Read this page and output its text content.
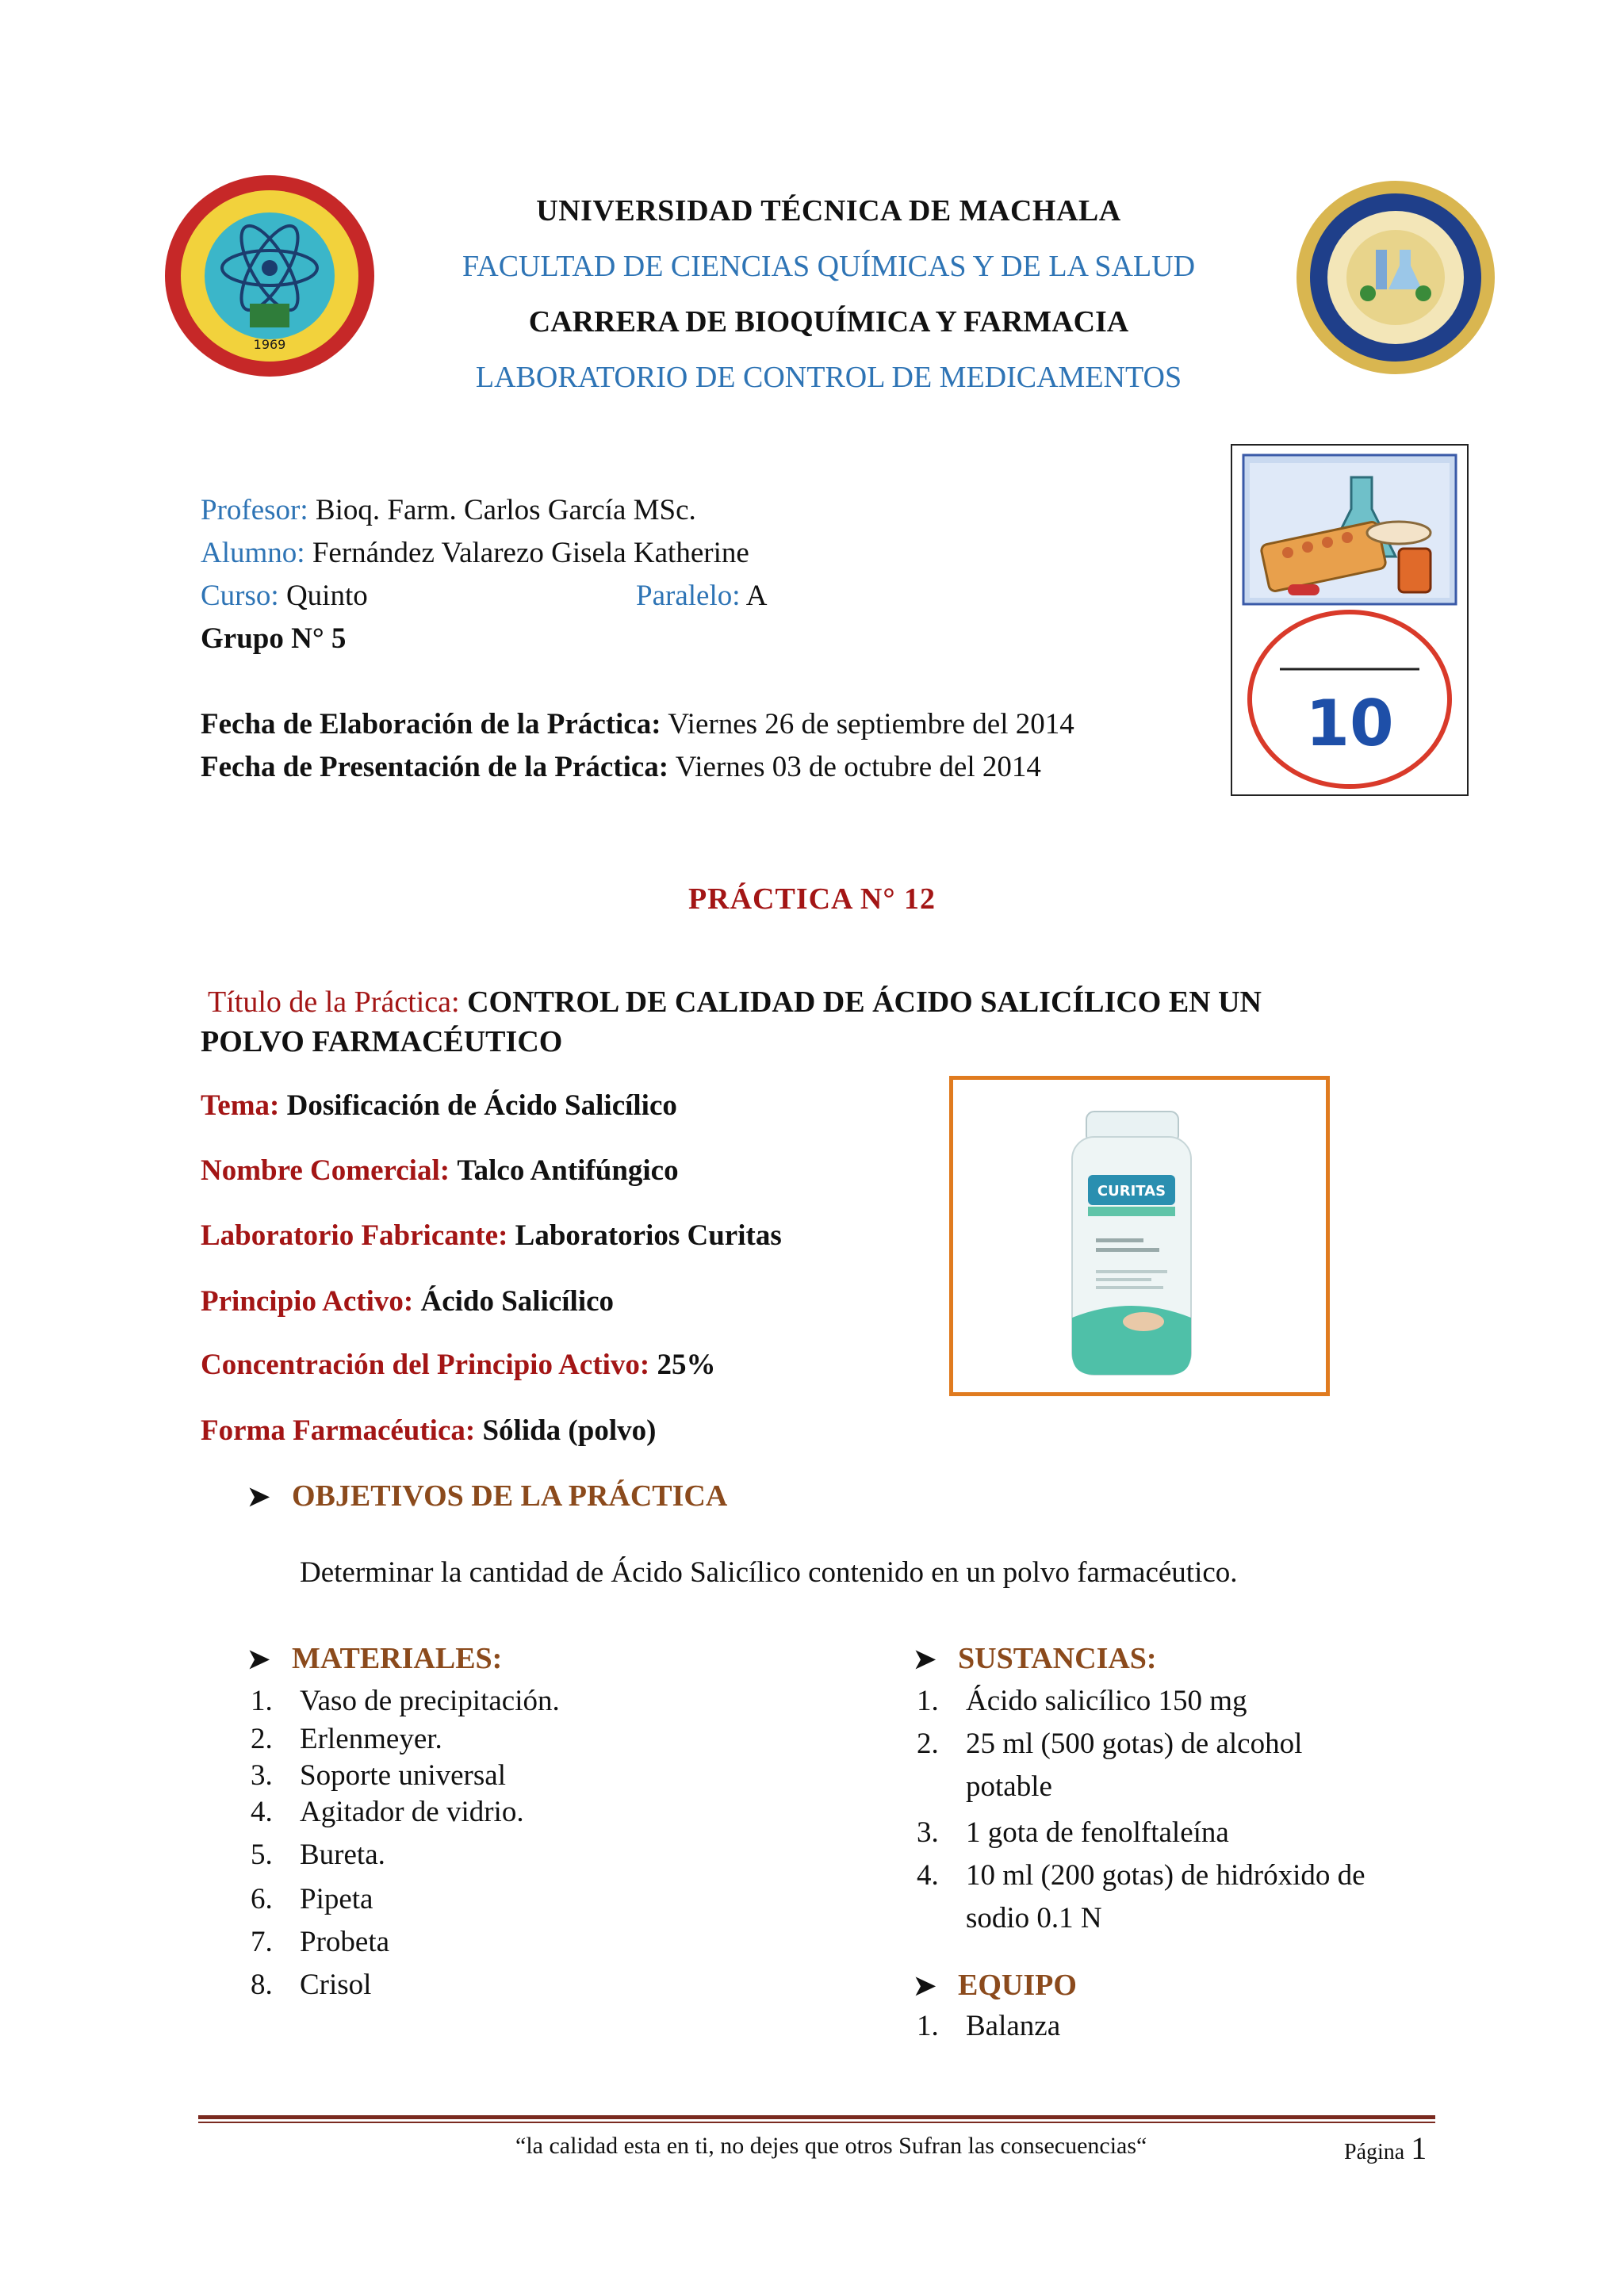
1969
UNIVERSIDAD TÉCNICA DE MACHALA
FACULTAD DE CIENCIAS QUÍMICAS Y DE LA SALUD
CARRERA DE BIOQUÍMICA Y FARMACIA
LABORATORIO DE CONTROL DE MEDICAMENTOS
Profesor: Bioq. Farm. Carlos García MSc.
Alumno: Fernández Valarezo Gisela Katherine
Curso: Quinto	Paralelo: A
Grupo N° 5
Fecha de Elaboración de la Práctica: Viernes 26 de septiembre del 2014
Fecha de Presentación de la Práctica: Viernes 03 de octubre del 2014
10
PRÁCTICA N° 12
Título de la Práctica: CONTROL DE CALIDAD DE ÁCIDO SALICÍLICO EN UN
POLVO FARMACÉUTICO
Tema: Dosificación de Ácido Salicílico
Nombre Comercial: Talco Antifúngico
Laboratorio Fabricante: Laboratorios Curitas
Principio Activo: Ácido Salicílico
Concentración del Principio Activo: 25%
Forma Farmacéutica: Sólida (polvo)
CURITAS
➤ OBJETIVOS DE LA PRÁCTICA
Determinar la cantidad de Ácido Salicílico contenido en un polvo farmacéutico.
➤ MATERIALES:
1. Vaso de precipitación.
2. Erlenmeyer.
3. Soporte universal
4. Agitador de vidrio.
5. Bureta.
6. Pipeta
7. Probeta
8. Crisol
➤ SUSTANCIAS:
1. Ácido salicílico 150 mg
2. 25 ml (500 gotas) de alcohol
potable
3. 1 gota de fenolftaleína
4. 10 ml (200 gotas) de hidróxido de
sodio 0.1 N
➤ EQUIPO
1. Balanza
“la calidad esta en ti, no dejes que otros Sufran las consecuencias“	Página 1
